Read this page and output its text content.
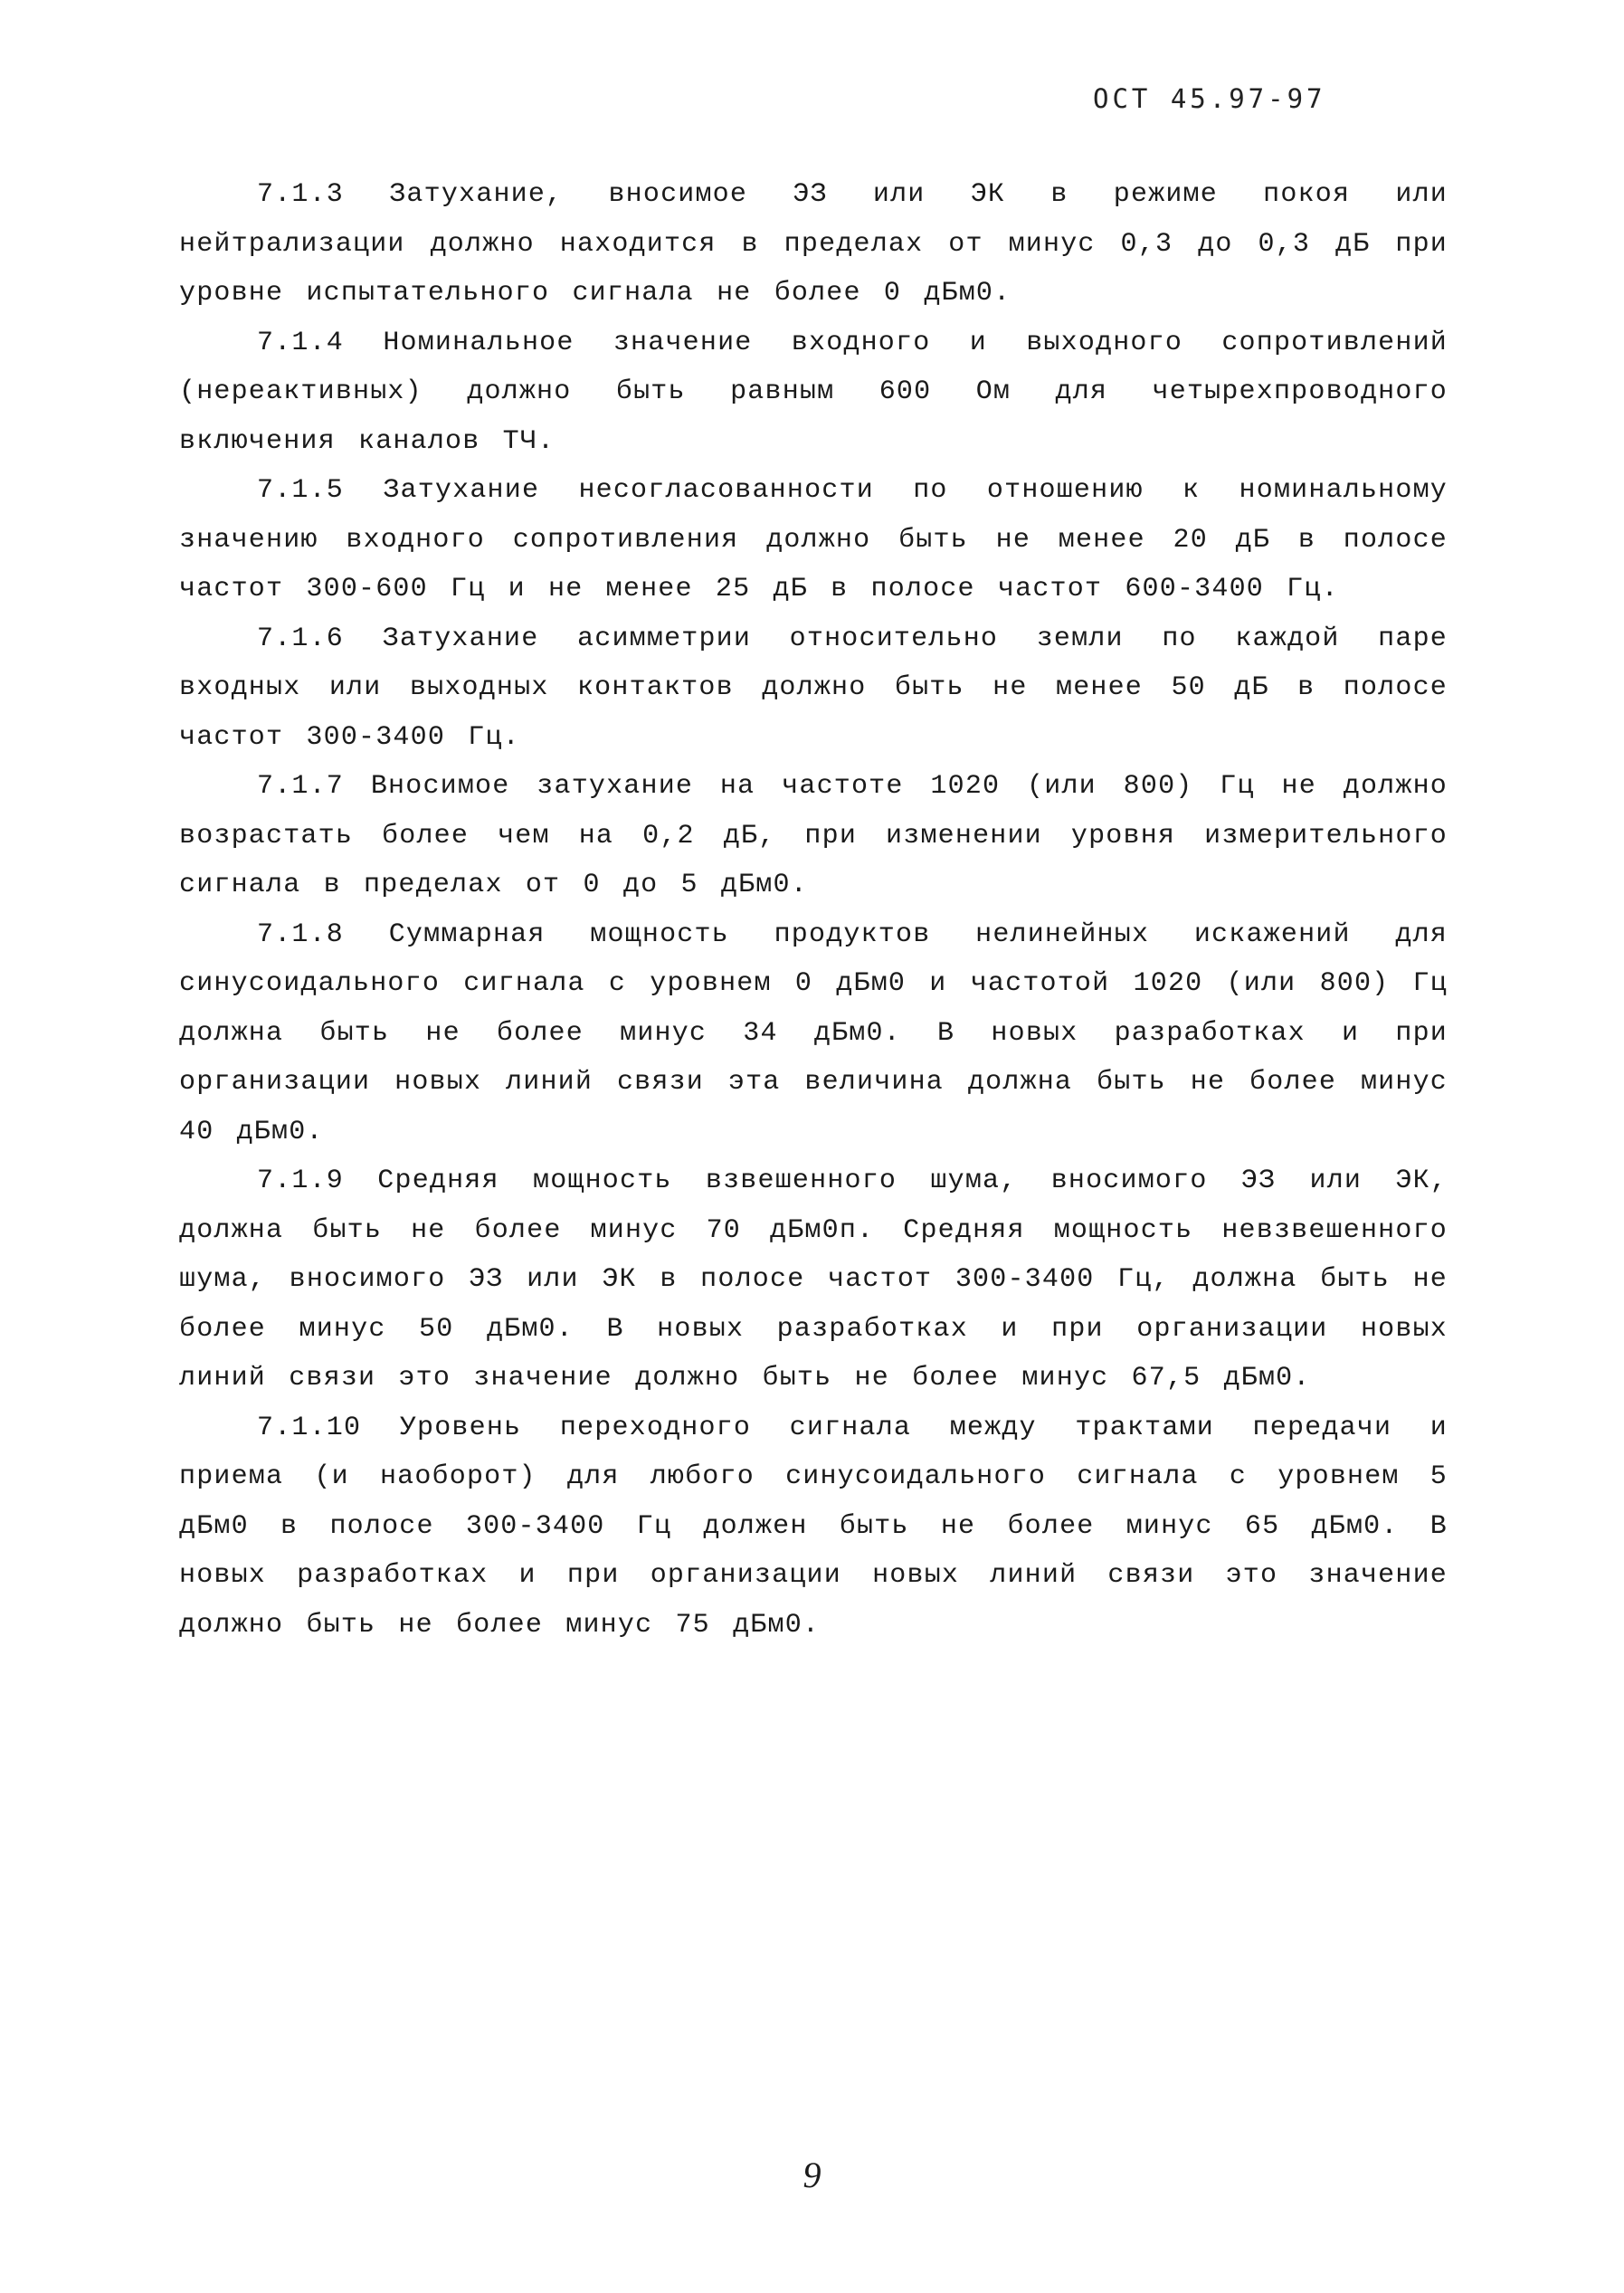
ОСТ 45.97-97

7.1.3 Затухание, вносимое ЭЗ или ЭК в режиме покоя или нейтрализации должно находится в пределах от минус 0,3 до 0,3 дБ при уровне испытательного сигнала не более 0 дБм0.

7.1.4 Номинальное значение входного и выходного сопротивлений (нереактивных) должно быть равным 600 Ом для четырехпроводного включения каналов ТЧ.

7.1.5 Затухание несогласованности по отношению к номинальному значению входного сопротивления должно быть не менее 20 дБ в полосе частот 300-600 Гц и не менее 25 дБ в полосе частот 600-3400 Гц.

7.1.6 Затухание асимметрии относительно земли по каждой паре входных или выходных контактов должно быть не менее 50 дБ в полосе частот 300-3400 Гц.

7.1.7 Вносимое затухание на частоте 1020 (или 800) Гц не должно возрастать более чем на 0,2 дБ, при изменении уровня измерительного сигнала в пределах от 0 до 5 дБм0.

7.1.8 Суммарная мощность продуктов нелинейных искажений для синусоидального сигнала с уровнем 0 дБм0 и частотой 1020 (или 800) Гц должна быть не более минус 34 дБм0. В новых разработках и при организации новых линий связи эта величина должна быть не более минус 40 дБм0.

7.1.9 Средняя мощность взвешенного шума, вносимого ЭЗ или ЭК, должна быть не более минус 70 дБм0п. Средняя мощность невзвешенного шума, вносимого ЭЗ или ЭК в полосе частот 300-3400 Гц, должна быть не более минус 50 дБм0. В новых разработках и при организации новых линий связи это значение должно быть не более минус 67,5 дБм0.

7.1.10 Уровень переходного сигнала между трактами передачи и приема (и наоборот) для любого синусоидального сигнала с уровнем 5 дБм0 в полосе 300-3400 Гц должен быть не более минус 65 дБм0. В новых разработках и при организации новых линий связи это значение должно быть не более минус 75 дБм0.

9
